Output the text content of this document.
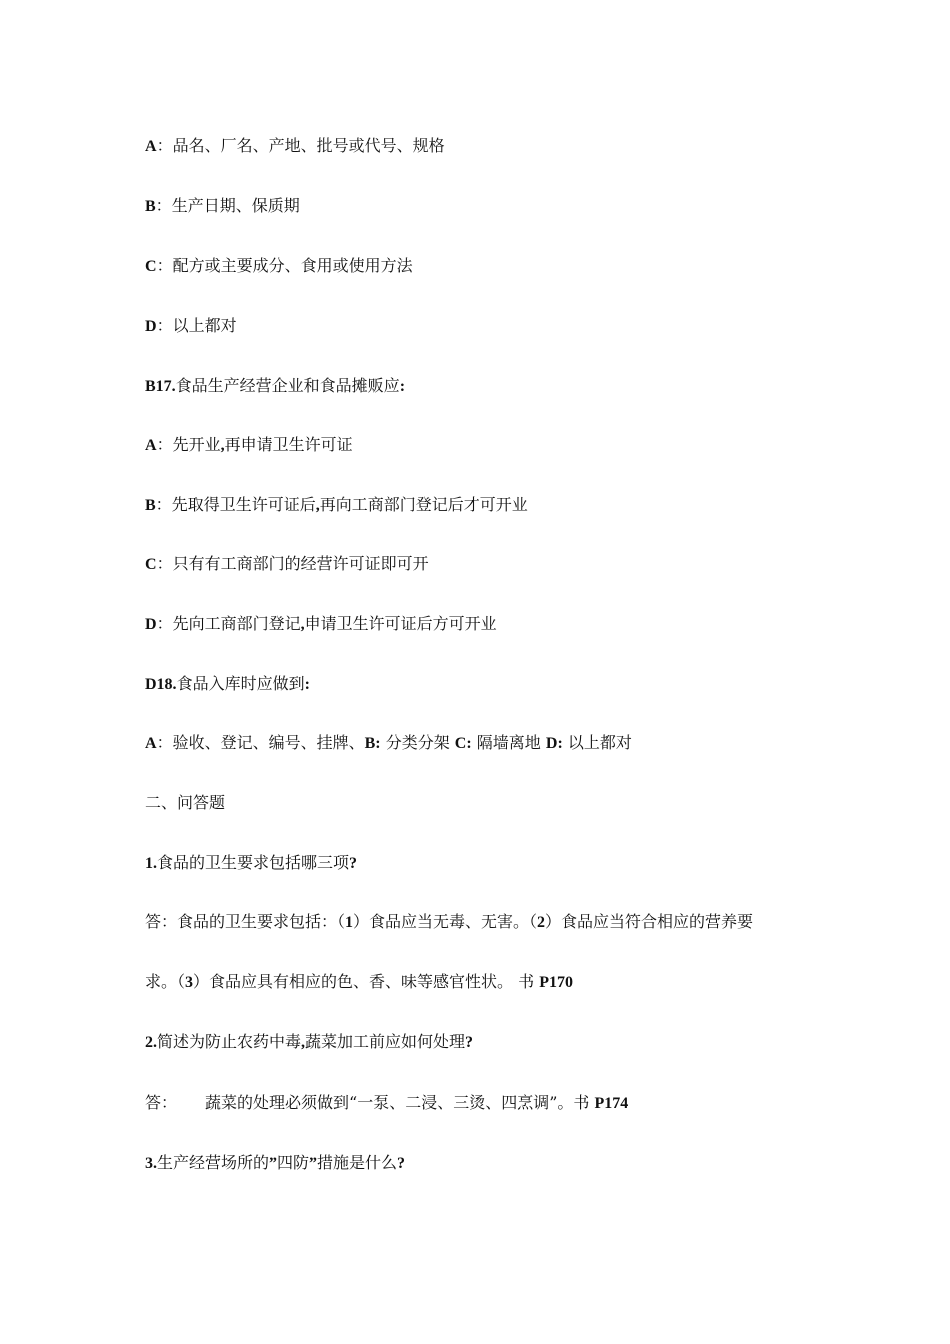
A：品名、厂名、产地、批号或代号、规格
B：生产日期、保质期
C：配方或主要成分、食用或使用方法
D：以上都对
B17.食品生产经营企业和食品摊贩应:
A：先开业,再申请卫生许可证
B：先取得卫生许可证后,再向工商部门登记后才可开业
C：只有有工商部门的经营许可证即可开
D：先向工商部门登记,申请卫生许可证后方可开业
D18.食品入库时应做到:
A：验收、登记、编号、挂牌、B: 分类分架 C: 隔墙离地 D: 以上都对
二、问答题
1.食品的卫生要求包括哪三项?
答：食品的卫生要求包括：（1）食品应当无毒、无害。（2）食品应当符合相应的营养要
求。（3）食品应具有相应的色、香、味等感官性状。 书 P170
2.简述为防止农药中毒,蔬菜加工前应如何处理?
答： 蔬菜的处理必须做到“一泵、二浸、三烫、四烹调”。书 P174
3.生产经营场所的”四防”措施是什么?
